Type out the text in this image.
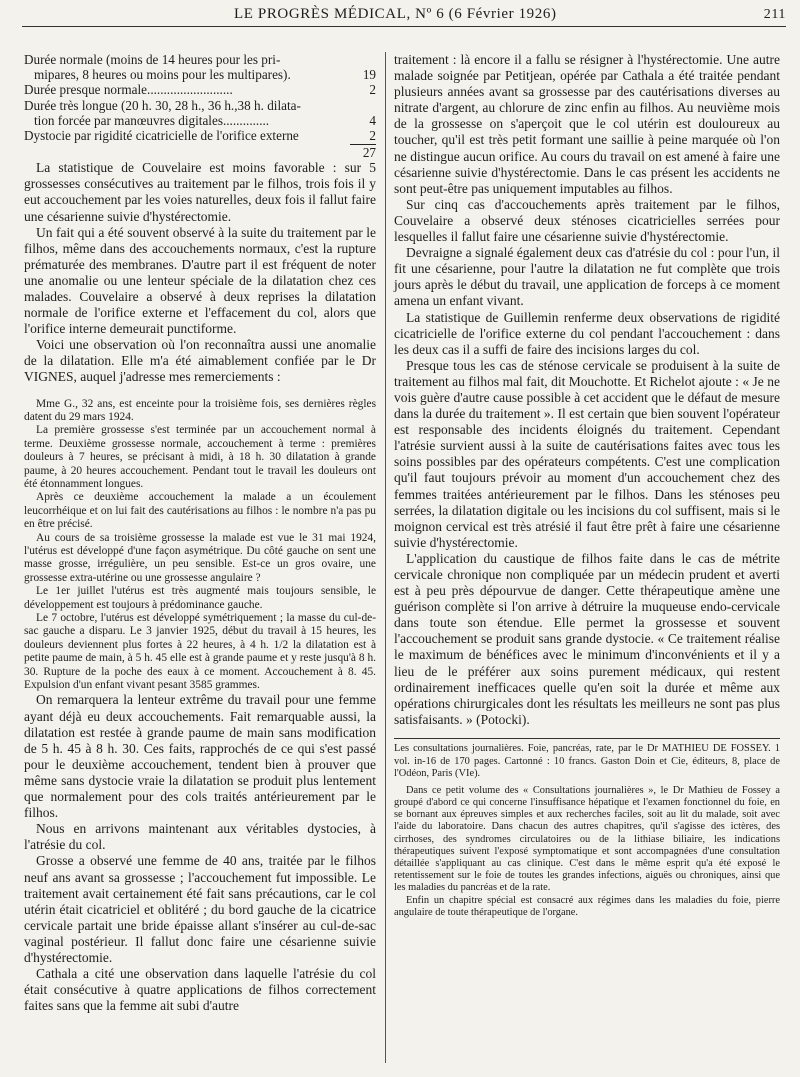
LE PROGRÈS MÉDICAL, Nº 6 (6 Février 1926)	211
Durée normale (moins de 14 heures pour les pri-
mipares, 8 heures ou moins pour les multipares).	19
Durée presque normale..........................	2
Durée très longue (20 h. 30, 28 h., 36 h.,38 h. dilata-
tion forcée par manœuvres digitales..............	4
Dystocie par rigidité cicatricielle de l'orifice externe	2
27

La statistique de Couvelaire est moins favorable : sur 5 grossesses consécutives au traitement par le filhos, trois fois il y eut accouchement par les voies naturelles, deux fois il fallut faire une césarienne suivie d'hystérectomie.

Un fait qui a été souvent observé à la suite du traitement par le filhos, même dans des accouchements normaux, c'est la rupture prématurée des membranes. D'autre part il est fréquent de noter une anomalie ou une lenteur spéciale de la dilatation chez ces malades. Couvelaire a observé à deux reprises la dilatation normale de l'orifice externe et l'effacement du col, alors que l'orifice interne demeurait punctiforme.

Voici une observation où l'on reconnaîtra aussi une anomalie de la dilatation. Elle m'a été aimablement confiée par le Dr VIGNES, auquel j'adresse mes remerciements :

Mme G., 32 ans, est enceinte pour la troisième fois, ses dernières règles datent du 29 mars 1924.

La première grossesse s'est terminée par un accouchement normal à terme. Deuxième grossesse normale, accouchement à terme : premières douleurs à 7 heures, se précisant à midi, à 18 h. 30 dilatation à grande paume, à 20 heures accouchement. Pendant tout le travail les douleurs ont été étonnamment longues.

Après ce deuxième accouchement la malade a un écoulement leucorrhéique et on lui fait des cautérisations au filhos : le nombre n'a pas pu en être précisé.

Au cours de sa troisième grossesse la malade est vue le 31 mai 1924, l'utérus est développé d'une façon asymétrique. Du côté gauche on sent une masse grosse, irrégulière, un peu sensible. Est-ce un gros ovaire, une grossesse extra-utérine ou une grossesse angulaire ?

Le 1er juillet l'utérus est très augmenté mais toujours sensible, le développement est toujours à prédominance gauche.

Le 7 octobre, l'utérus est développé symétriquement ; la masse du cul-de-sac gauche a disparu. Le 3 janvier 1925, début du travail à 15 heures, les douleurs deviennent plus fortes à 22 heures, à 4 h. 1/2 la dilatation est à petite paume de main, à 5 h. 45 elle est à grande paume et y reste jusqu'à 8 h. 30. Rupture de la poche des eaux à ce moment. Accouchement à 8. 45. Expulsion d'un enfant vivant pesant 3585 grammes.

On remarquera la lenteur extrême du travail pour une femme ayant déjà eu deux accouchements. Fait remarquable aussi, la dilatation est restée à grande paume de main sans modification de 5 h. 45 à 8 h. 30. Ces faits, rapprochés de ce qui s'est passé pour le deuxième accouchement, tendent bien à prouver que même sans dystocie vraie la dilatation se produit plus lentement que normalement pour des cols traités antérieurement par le filhos.

Nous en arrivons maintenant aux véritables dystocies, à l'atrésie du col.

Grosse a observé une femme de 40 ans, traitée par le filhos neuf ans avant sa grossesse ; l'accouchement fut impossible. Le traitement avait certainement été fait sans précautions, car le col utérin était cicatriciel et oblitéré ; du bord gauche de la cicatrice cervicale partait une bride épaisse allant s'insérer au cul-de-sac vaginal postérieur. Il fallut donc faire une césarienne suivie d'hystérectomie.

Cathala a cité une observation dans laquelle l'atrésie du col était consécutive à quatre applications de filhos correctement faites sans que la femme ait subi d'autre

traitement : là encore il a fallu se résigner à l'hystérectomie. Une autre malade soignée par Petitjean, opérée par Cathala a été traitée pendant plusieurs années avant sa grossesse par des cautérisations diverses au nitrate d'argent, au chlorure de zinc enfin au filhos. Au neuvième mois de la grossesse on s'aperçoit que le col utérin est douloureux au toucher, qu'il est très petit formant une saillie à peine marquée où l'on ne distingue aucun orifice. Au cours du travail on est amené à faire une césarienne suivie d'hystérectomie. Dans le cas présent les accidents ne sont peut-être pas uniquement imputables au filhos.

Sur cinq cas d'accouchements après traitement par le filhos, Couvelaire a observé deux sténoses cicatricielles serrées pour lesquelles il fallut faire une césarienne suivie d'hystérectomie.

Devraigne a signalé également deux cas d'atrésie du col : pour l'un, il fit une césarienne, pour l'autre la dilatation ne fut complète que trois jours après le début du travail, une application de forceps à ce moment amena un enfant vivant.

La statistique de Guillemin renferme deux observations de rigidité cicatricielle de l'orifice externe du col pendant l'accouchement : dans les deux cas il a suffi de faire des incisions larges du col.

Presque tous les cas de sténose cervicale se produisent à la suite de traitement au filhos mal fait, dit Mouchotte. Et Richelot ajoute : « Je ne vois guère d'autre cause possible à cet accident que le défaut de mesure dans la durée du traitement ». Il est certain que bien souvent l'opérateur est responsable des incidents éloignés du traitement. Cependant l'atrésie survient aussi à la suite de cautérisations faites avec tous les soins possibles par des opérateurs compétents. C'est une complication qu'il faut toujours prévoir au moment d'un accouchement chez des femmes traitées antérieurement par le filhos. Dans les sténoses peu serrées, la dilatation digitale ou les incisions du col suffisent, mais si le moignon cervical est très atrésié il faut être prêt à faire une césarienne suivie d'hystérectomie.

L'application du caustique de filhos faite dans le cas de métrite cervicale chronique non compliquée par un médecin prudent et averti est à peu près dépourvue de danger. Cette thérapeutique amène une guérison complète si l'on arrive à détruire la muqueuse endo-cervicale dans toute son étendue. Elle permet la grossesse et souvent l'accouchement se produit sans grande dystocie. « Ce traitement réalise le maximum de bénéfices avec le minimum d'inconvénients et il y a lieu de le préférer aux soins purement médicaux, qui restent ordinairement inefficaces quelle qu'en soit la durée et même aux opérations chirurgicales dont les résultats les meilleurs ne sont pas plus satisfaisants. » (Potocki).

Les consultations journalières. Foie, pancréas, rate, par le Dr MATHIEU DE FOSSEY. 1 vol. in-16 de 170 pages. Cartonné : 10 francs. Gaston Doin et Cie, éditeurs, 8, place de l'Odéon, Paris (VIe).

Dans ce petit volume des « Consultations journalières », le Dr Mathieu de Fossey a groupé d'abord ce qui concerne l'insuffisance hépatique et l'examen fonctionnel du foie, en se bornant aux épreuves simples et aux recherches faciles, soit au lit du malade, soit avec l'aide du laboratoire. Dans chacun des autres chapitres, qu'il s'agisse des ictères, des cirrhoses, des syndromes circulatoires ou de la lithiase biliaire, les indications thérapeutiques suivent l'exposé symptomatique et sont accompagnées d'une consultation détaillée s'appliquant au cas clinique. C'est dans le même esprit qu'a été exposé le retentissement sur le foie de toutes les grandes infections, aiguës ou chroniques, ainsi que les maladies du pancréas et de la rate.

Enfin un chapitre spécial est consacré aux régimes dans les maladies du foie, pierre angulaire de toute thérapeutique de l'organe.
